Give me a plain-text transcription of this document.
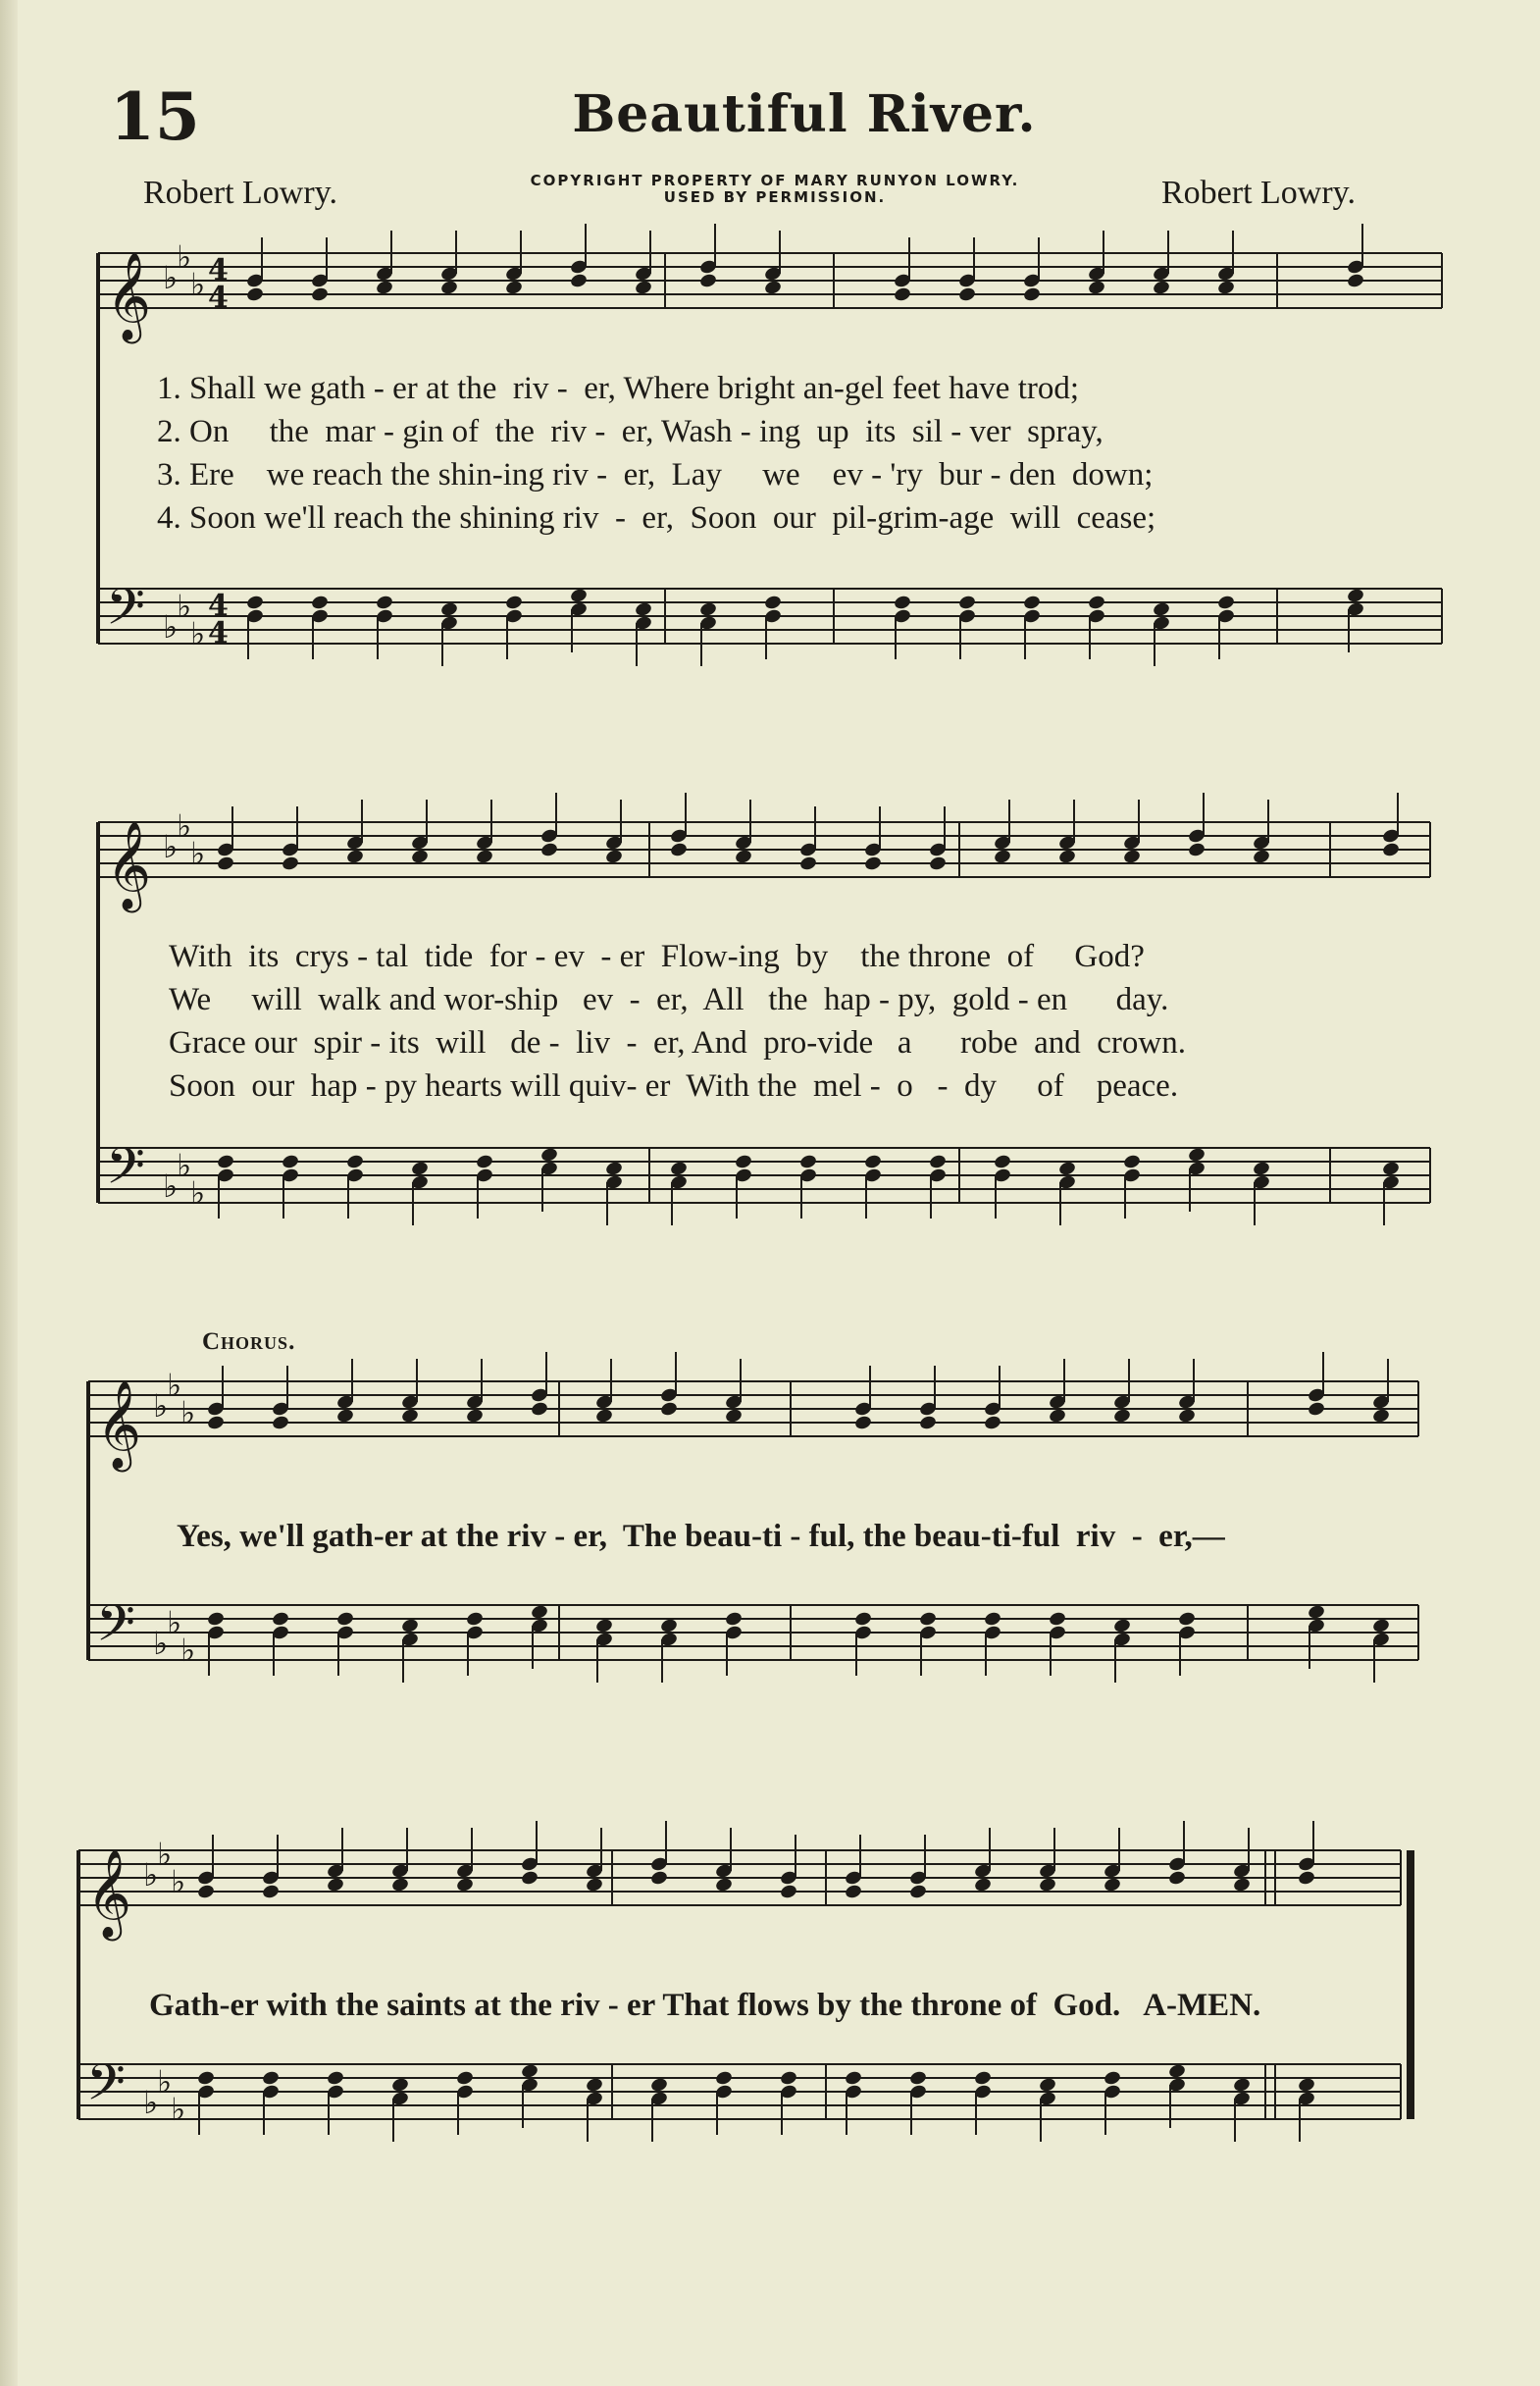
15	Beautiful River.
Robert Lowry.	COPYRIGHT PROPERTY OF MARY RUNYON LOWRY.
USED BY PERMISSION.	Robert Lowry.
𝄞 ♭
♭
♭
𝄢 ♭
♭
♭
4
4
4
4
𝄞 ♭
♭
♭
𝄢 ♭
♭
♭
𝄞 ♭
♭
♭
𝄢 ♭
♭
♭
𝄞 ♭
♭
♭
𝄢 ♭
♭
♭
1. Shall we gath - er at the  riv -  er, Where bright an-gel feet have trod;
2. On     the  mar - gin of  the  riv -  er, Wash - ing  up  its  sil - ver  spray,
3. Ere    we reach the shin-ing riv -  er,  Lay     we    ev - 'ry  bur - den  down;
4. Soon we'll reach the shining riv  -  er,  Soon  our  pil-grim-age  will  cease;
With  its  crys - tal  tide  for - ev  - er  Flow-ing  by    the throne  of     God?
We     will  walk and wor-ship   ev  -  er,  All   the  hap - py,  gold - en      day.
Grace our  spir - its  will   de -  liv  -  er, And  pro-vide   a      robe  and  crown.
Soon  our  hap - py hearts will quiv- er  With the  mel -  o   -  dy     of    peace.
Chorus.
Yes, we'll gath-er at the riv - er,  The beau-ti - ful, the beau-ti-ful  riv  -  er,—
Gath-er with the saints at the riv - er That flows by the throne of  God.   A-MEN.
